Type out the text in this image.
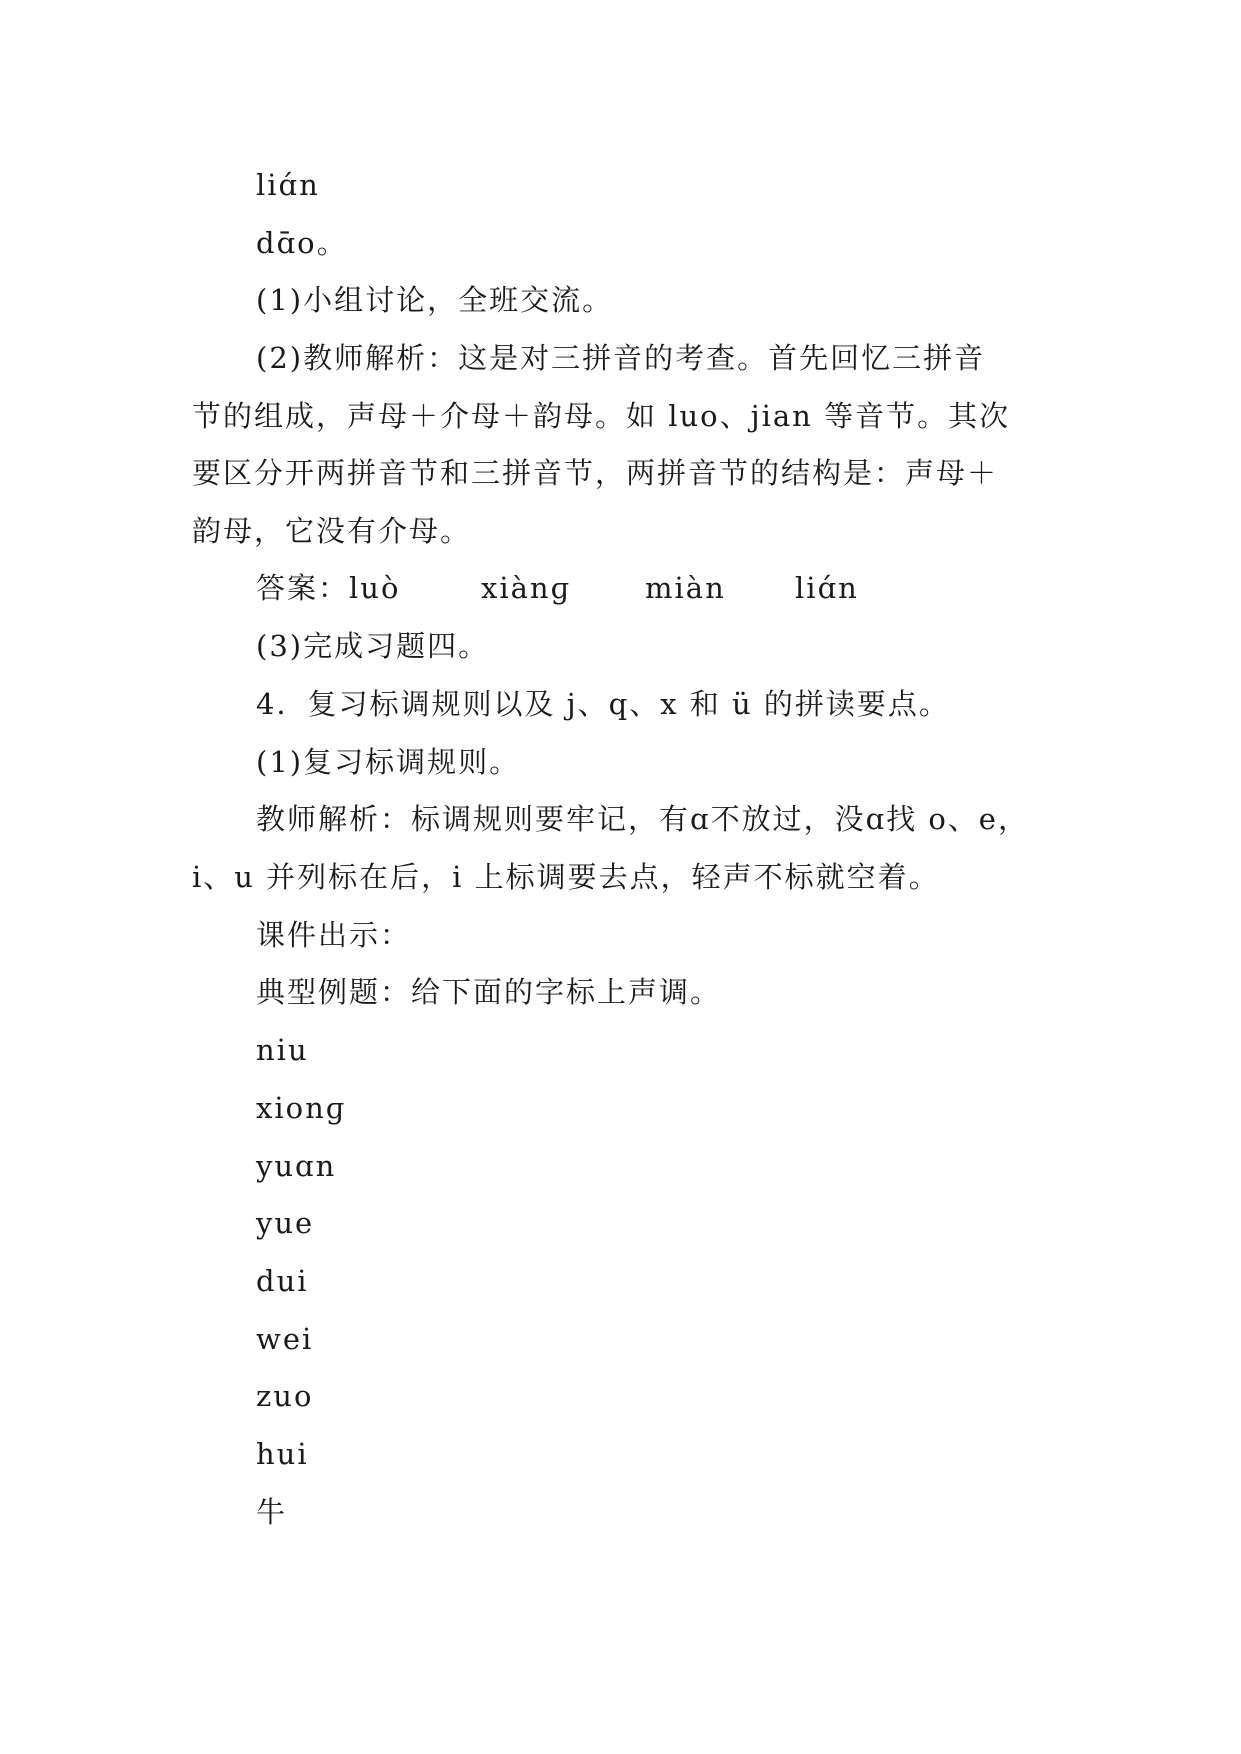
liɑ́n
dɑ̄o。
(1)小组讨论，全班交流。
(2)教师解析：这是对三拼音的考查。首先回忆三拼音
节的组成，声母＋介母＋韵母。如 luo、jian 等音节。其次
要区分开两拼音节和三拼音节，两拼音节的结构是：声母＋
韵母，它没有介母。
答案：luò	xiànɡ	miàn liɑ́n
(3)完成习题四。
4．复习标调规则以及 j、q、x 和 ü 的拼读要点。
(1)复习标调规则。
教师解析：标调规则要牢记，有ɑ不放过，没ɑ找 o、e，
i、u 并列标在后，i 上标调要去点，轻声不标就空着。
课件出示：
典型例题：给下面的字标上声调。
niu
xionɡ
yuɑn
yue
dui
wei
zuo
hui
牛
